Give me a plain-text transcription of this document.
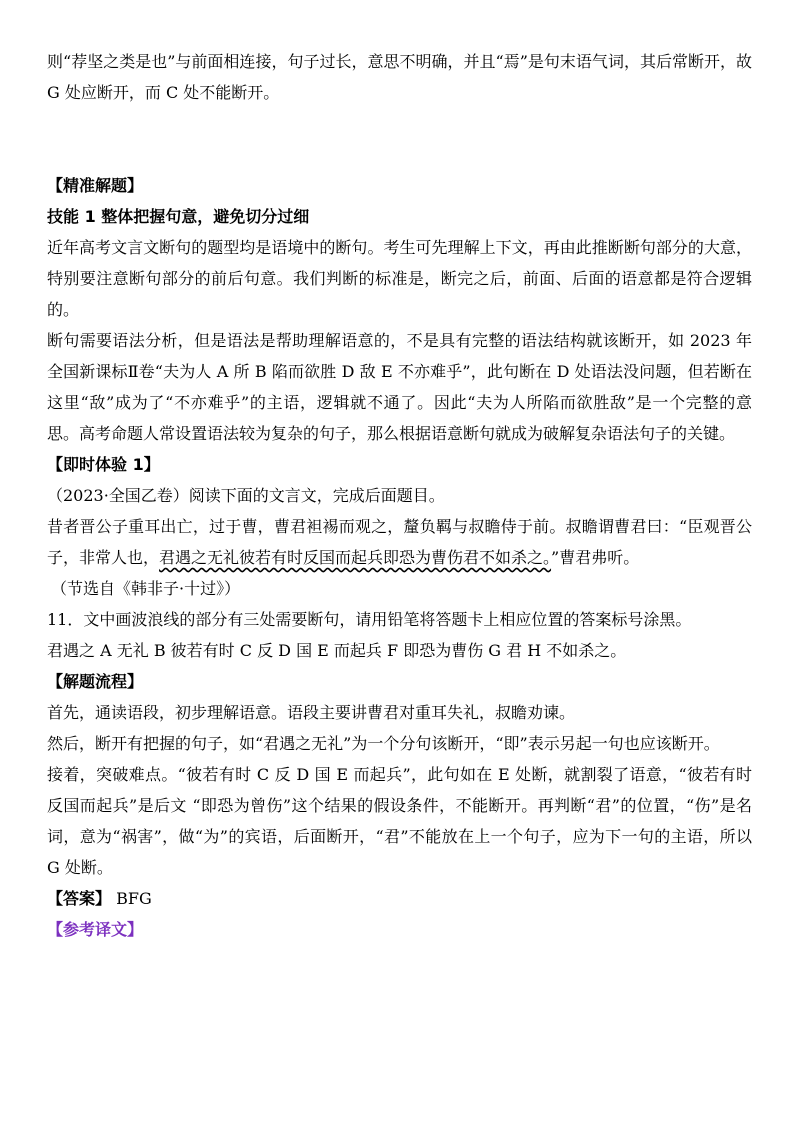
则“荐坚之类是也”与前面相连接，句子过长，意思不明确，并且“焉”是句末语气词，其后常断开，故 G 处应断开，而 C 处不能断开。

【精准解题】

技能 1 整体把握句意，避免切分过细

近年高考文言文断句的题型均是语境中的断句。考生可先理解上下文，再由此推断断句部分的大意，特别要注意断句部分的前后句意。我们判断的标准是，断完之后，前面、后面的语意都是符合逻辑的。

断句需要语法分析，但是语法是帮助理解语意的，不是具有完整的语法结构就该断开，如 2023 年全国新课标Ⅱ卷“夫为人 A 所 B 陷而欲胜 D 敌 E 不亦难乎”，此句断在 D 处语法没问题，但若断在这里“敌”成为了“不亦难乎”的主语，逻辑就不通了。因此“夫为人所陷而欲胜敌”是一个完整的意思。高考命题人常设置语法较为复杂的句子，那么根据语意断句就成为破解复杂语法句子的关键。

【即时体验 1】

（2023·全国乙卷）阅读下面的文言文，完成后面题目。

昔者晋公子重耳出亡，过于曹，曹君袒裼而观之，釐负羁与叔瞻侍于前。叔瞻谓曹君曰：“臣观晋公子，非常人也，君遇之无礼彼若有时反国而起兵即恐为曹伤君不如杀之。”曹君弗听。

（节选自《韩非子·十过》）

11．文中画波浪线的部分有三处需要断句，请用铅笔将答题卡上相应位置的答案标号涂黑。

君遇之 A 无礼 B 彼若有时 C 反 D 国 E 而起兵 F 即恐为曹伤 G 君 H 不如杀之。

【解题流程】

首先，通读语段，初步理解语意。语段主要讲曹君对重耳失礼，叔瞻劝谏。

然后，断开有把握的句子，如“君遇之无礼”为一个分句该断开，“即”表示另起一句也应该断开。

接着，突破难点。“彼若有时 C 反 D 国 E 而起兵”，此句如在 E 处断，就割裂了语意，“彼若有时反国而起兵”是后文 “即恐为曾伤”这个结果的假设条件，不能断开。再判断“君”的位置，“伤”是名词，意为“祸害”，做“为”的宾语，后面断开，“君”不能放在上一个句子，应为下一句的主语，所以 G 处断。

【答案】 BFG

【参考译文】
